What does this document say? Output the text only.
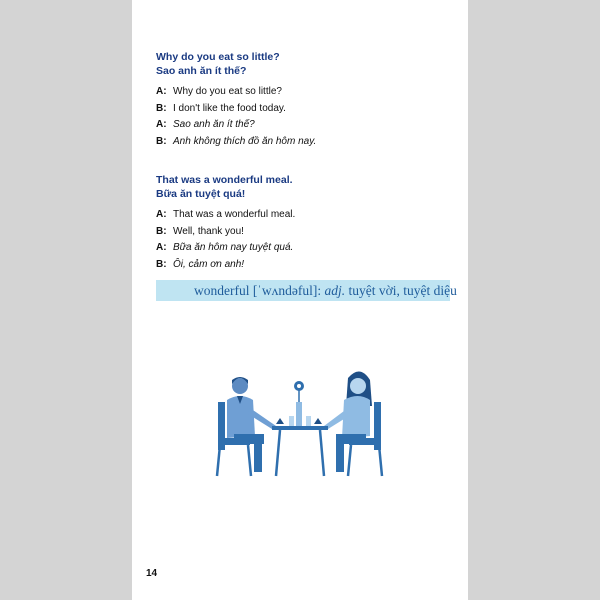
Why do you eat so little?
Sao anh ăn ít thế?
A: Why do you eat so little?
B: I don't like the food today.
A: Sao anh ăn ít thế?
B: Anh không thích đồ ăn hôm nay.
That was a wonderful meal.
Bữa ăn tuyệt quá!
A: That was a wonderful meal.
B: Well, thank you!
A: Bữa ăn hôm nay tuyệt quá.
B: Ôi, cảm ơn anh!
wonderful [ˈwʌndəful]: adj. tuyệt vời, tuyệt diệu
14
